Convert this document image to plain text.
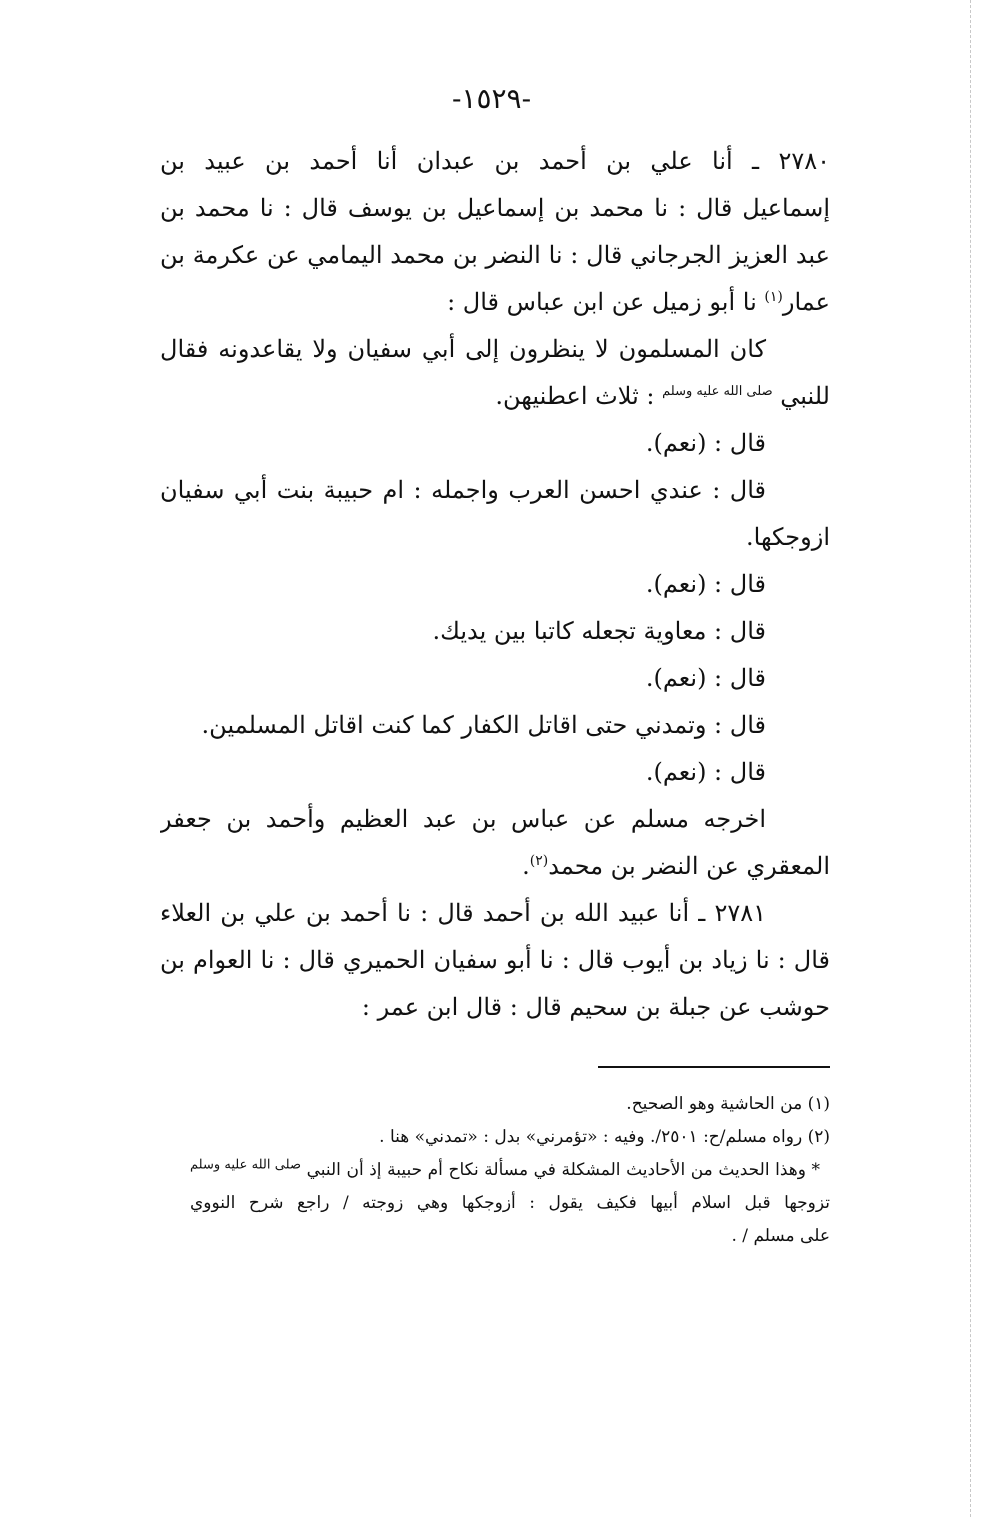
-١٥٢٩-
٢٧٨٠ ـ أنا علي بن أحمد بن عبدان أنا أحمد بن عبيد بن
إسماعيل قال : نا محمد بن إسماعيل بن يوسف قال : نا محمد بن
عبد العزيز الجرجاني قال : نا النضر بن محمد اليمامي عن عكرمة بن
عمار$^{(١)}$ نا أبو زميل عن ابن عباس قال :
كان المسلمون لا ينظرون إلى أبي سفيان ولا يقاعدونه فقال
للنبي $^{صلى الله عليه وسلم}$ : ثلاث اعطنيهن.
قال : (نعم).
قال : عندي احسن العرب واجمله : ام حبيبة بنت أبي سفيان
ازوجكها.
قال : (نعم).
قال : معاوية تجعله كاتبا بين يديك.
قال : (نعم).
قال : وتمدني حتى اقاتل الكفار كما كنت اقاتل المسلمين.
قال : (نعم).
اخرجه مسلم عن عباس بن عبد العظيم وأحمد بن جعفر
المعقري عن النضر بن محمد$^{(٢)}$.
٢٧٨١ ـ أنا عبيد الله بن أحمد قال : نا أحمد بن علي بن العلاء
قال : نا زياد بن أيوب قال : نا أبو سفيان الحميري قال : نا العوام بن
حوشب عن جبلة بن سحيم قال : قال ابن عمر :
(١) من الحاشية وهو الصحيح.
(٢) رواه مسلم/ح: ٢٥٠١/. وفيه : «تؤمرني» بدل : «تمدني» هنا .
* وهذا الحديث من الأحاديث المشكلة في مسألة نكاح أم حبيبة إذ أن النبي $^{صلى الله عليه وسلم}$
تزوجها قبل اسلام أبيها فكيف يقول : أزوجكها وهي زوجته / راجع شرح النووي
على مسلم / .
